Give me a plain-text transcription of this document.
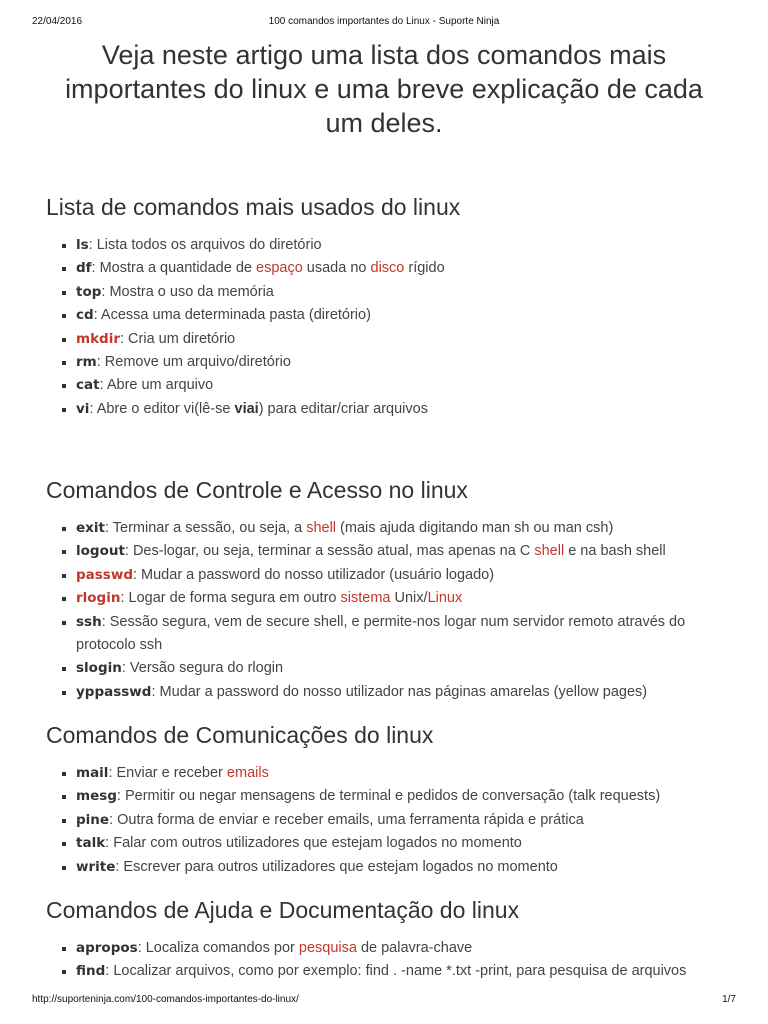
22/04/2016	100 comandos importantes do Linux - Suporte Ninja

Veja neste artigo uma lista dos comandos mais importantes do linux e uma breve explicação de cada um deles.

Lista de comandos mais usados do linux
ls: Lista todos os arquivos do diretório
df: Mostra a quantidade de espaço usada no disco rígido
top: Mostra o uso da memória
cd: Acessa uma determinada pasta (diretório)
mkdir: Cria um diretório
rm: Remove um arquivo/diretório
cat: Abre um arquivo
vi: Abre o editor vi(lê-se viai) para editar/criar arquivos
Comandos de Controle e Acesso no linux
exit: Terminar a sessão, ou seja, a shell (mais ajuda digitando man sh ou man csh)
logout: Des-logar, ou seja, terminar a sessão atual, mas apenas na C shell e na bash shell
passwd: Mudar a password do nosso utilizador (usuário logado)
rlogin: Logar de forma segura em outro sistema Unix/Linux
ssh: Sessão segura, vem de secure shell, e permite-nos logar num servidor remoto através do protocolo ssh
slogin: Versão segura do rlogin
yppasswd: Mudar a password do nosso utilizador nas páginas amarelas (yellow pages)
Comandos de Comunicações do linux
mail: Enviar e receber emails
mesg: Permitir ou negar mensagens de terminal e pedidos de conversação (talk requests)
pine: Outra forma de enviar e receber emails, uma ferramenta rápida e prática
talk: Falar com outros utilizadores que estejam logados no momento
write: Escrever para outros utilizadores que estejam logados no momento
Comandos de Ajuda e Documentação do linux
apropos: Localiza comandos por pesquisa de palavra-chave
find: Localizar arquivos, como por exemplo: find . -name *.txt -print, para pesquisa de arquivos
http://suporteninja.com/100-comandos-importantes-do-linux/	1/7
